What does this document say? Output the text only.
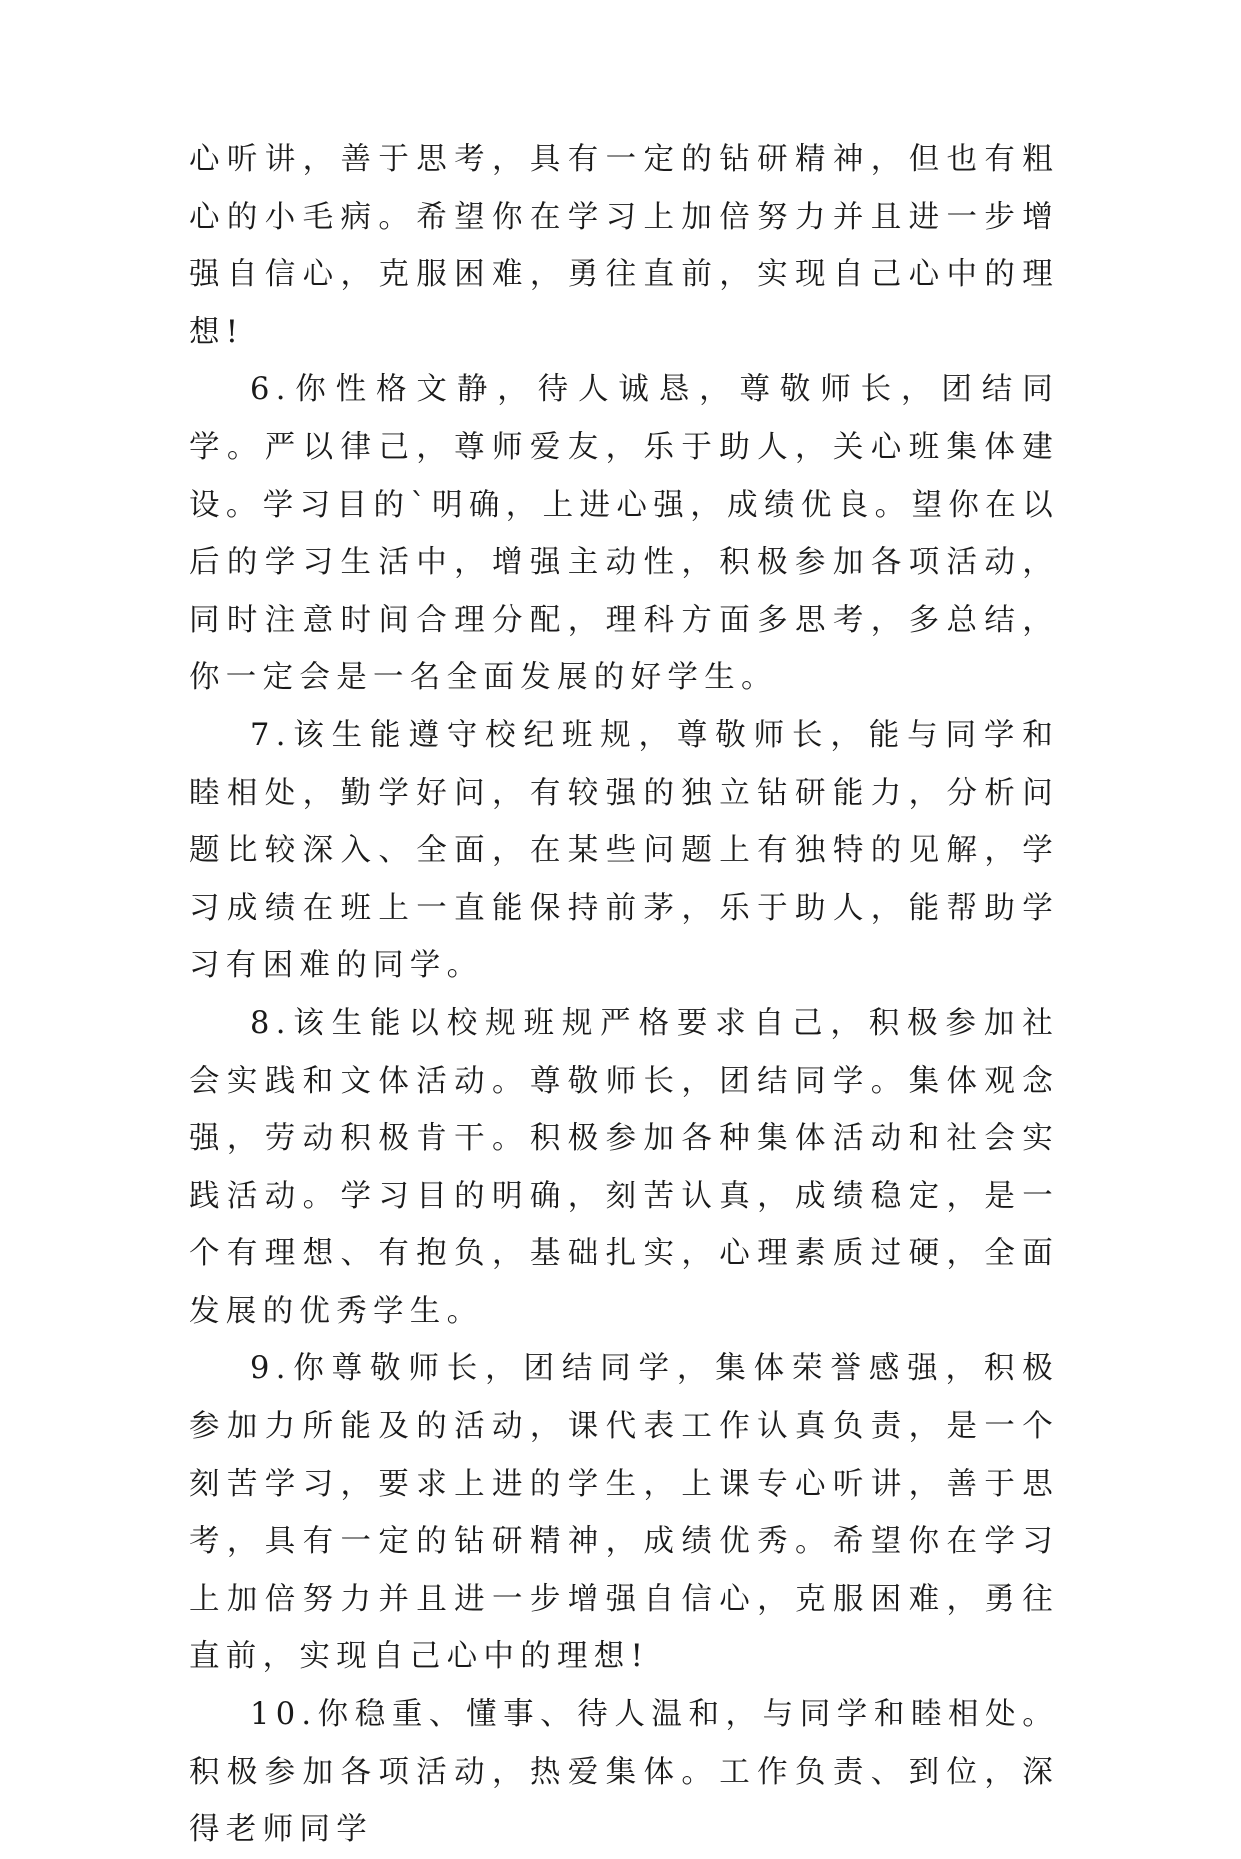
心听讲，善于思考，具有一定的钻研精神，但也有粗心的小毛病。希望你在学习上加倍努力并且进一步增强自信心，克服困难，勇往直前，实现自己心中的理想!

6.你性格文静，待人诚恳，尊敬师长，团结同学。严以律己，尊师爱友，乐于助人，关心班集体建设。学习目的`明确，上进心强，成绩优良。望你在以后的学习生活中，增强主动性，积极参加各项活动，同时注意时间合理分配，理科方面多思考，多总结，你一定会是一名全面发展的好学生。

7.该生能遵守校纪班规，尊敬师长，能与同学和睦相处，勤学好问，有较强的独立钻研能力，分析问题比较深入、全面，在某些问题上有独特的见解，学习成绩在班上一直能保持前茅，乐于助人，能帮助学习有困难的同学。

8.该生能以校规班规严格要求自己，积极参加社会实践和文体活动。尊敬师长，团结同学。集体观念强，劳动积极肯干。积极参加各种集体活动和社会实践活动。学习目的明确，刻苦认真，成绩稳定，是一个有理想、有抱负，基础扎实，心理素质过硬，全面发展的优秀学生。

9.你尊敬师长，团结同学，集体荣誉感强，积极参加力所能及的活动，课代表工作认真负责，是一个刻苦学习，要求上进的学生，上课专心听讲，善于思考，具有一定的钻研精神，成绩优秀。希望你在学习上加倍努力并且进一步增强自信心，克服困难，勇往直前，实现自己心中的理想!

10.你稳重、懂事、待人温和，与同学和睦相处。积极参加各项活动，热爱集体。工作负责、到位，深得老师同学
